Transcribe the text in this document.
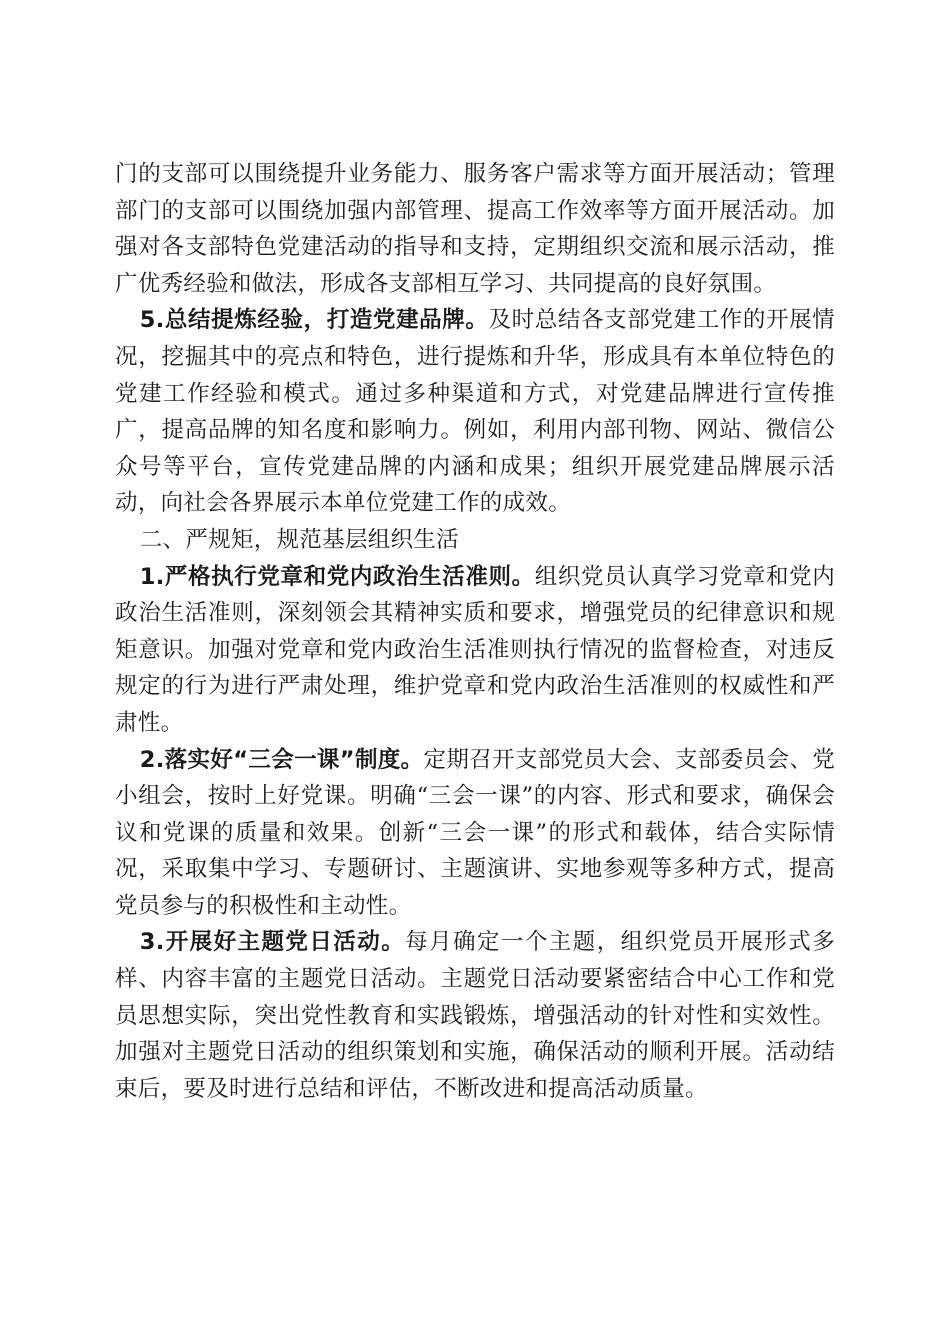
门的支部可以围绕提升业务能力、服务客户需求等方面开展活动；管理部门的支部可以围绕加强内部管理、提高工作效率等方面开展活动。加强对各支部特色党建活动的指导和支持，定期组织交流和展示活动，推广优秀经验和做法，形成各支部相互学习、共同提高的良好氛围。

5.总结提炼经验，打造党建品牌。及时总结各支部党建工作的开展情况，挖掘其中的亮点和特色，进行提炼和升华，形成具有本单位特色的党建工作经验和模式。通过多种渠道和方式，对党建品牌进行宣传推广，提高品牌的知名度和影响力。例如，利用内部刊物、网站、微信公众号等平台，宣传党建品牌的内涵和成果；组织开展党建品牌展示活动，向社会各界展示本单位党建工作的成效。

二、严规矩，规范基层组织生活

1.严格执行党章和党内政治生活准则。组织党员认真学习党章和党内政治生活准则，深刻领会其精神实质和要求，增强党员的纪律意识和规矩意识。加强对党章和党内政治生活准则执行情况的监督检查，对违反规定的行为进行严肃处理，维护党章和党内政治生活准则的权威性和严肃性。

2.落实好“三会一课”制度。定期召开支部党员大会、支部委员会、党小组会，按时上好党课。明确“三会一课”的内容、形式和要求，确保会议和党课的质量和效果。创新“三会一课”的形式和载体，结合实际情况，采取集中学习、专题研讨、主题演讲、实地参观等多种方式，提高党员参与的积极性和主动性。

3.开展好主题党日活动。每月确定一个主题，组织党员开展形式多样、内容丰富的主题党日活动。主题党日活动要紧密结合中心工作和党员思想实际，突出党性教育和实践锻炼，增强活动的针对性和实效性。加强对主题党日活动的组织策划和实施，确保活动的顺利开展。活动结束后，要及时进行总结和评估，不断改进和提高活动质量。
